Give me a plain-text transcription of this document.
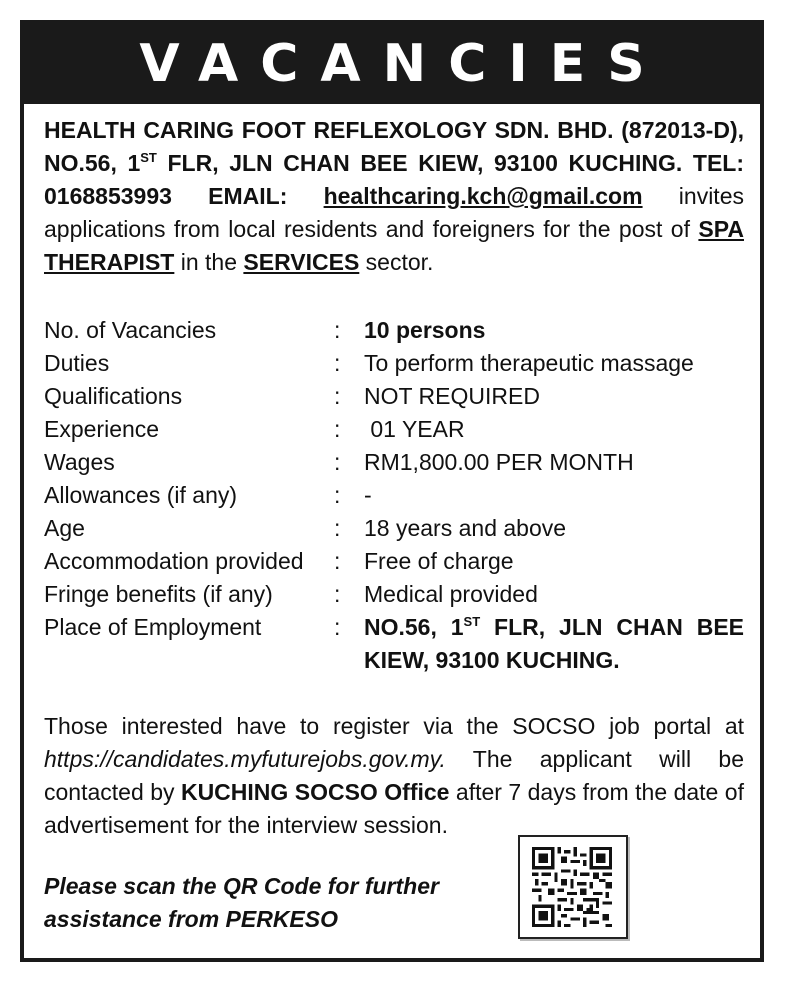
VACANCIES
HEALTH CARING FOOT REFLEXOLOGY SDN. BHD. (872013-D), NO.56, 1ST FLR, JLN CHAN BEE KIEW, 93100 KUCHING. TEL: 0168853993 EMAIL: healthcaring.kch@gmail.com invites applications from local residents and foreigners for the post of SPA THERAPIST in the SERVICES sector.
No. of Vacancies	:	10 persons
Duties	:	To perform therapeutic massage
Qualifications	:	NOT REQUIRED
Experience	:	01 YEAR
Wages	:	RM1,800.00 PER MONTH
Allowances (if any)	:	-
Age	:	18 years and above
Accommodation provided	:	Free of charge
Fringe benefits (if any)	:	Medical provided
Place of Employment	:	NO.56, 1ST FLR, JLN CHAN BEE KIEW, 93100 KUCHING.
Those interested have to register via the SOCSO job portal at https://candidates.myfuturejobs.gov.my. The applicant will be contacted by KUCHING SOCSO Office after 7 days from the date of advertisement for the interview session.
Please scan the QR Code for further assistance from PERKESO
